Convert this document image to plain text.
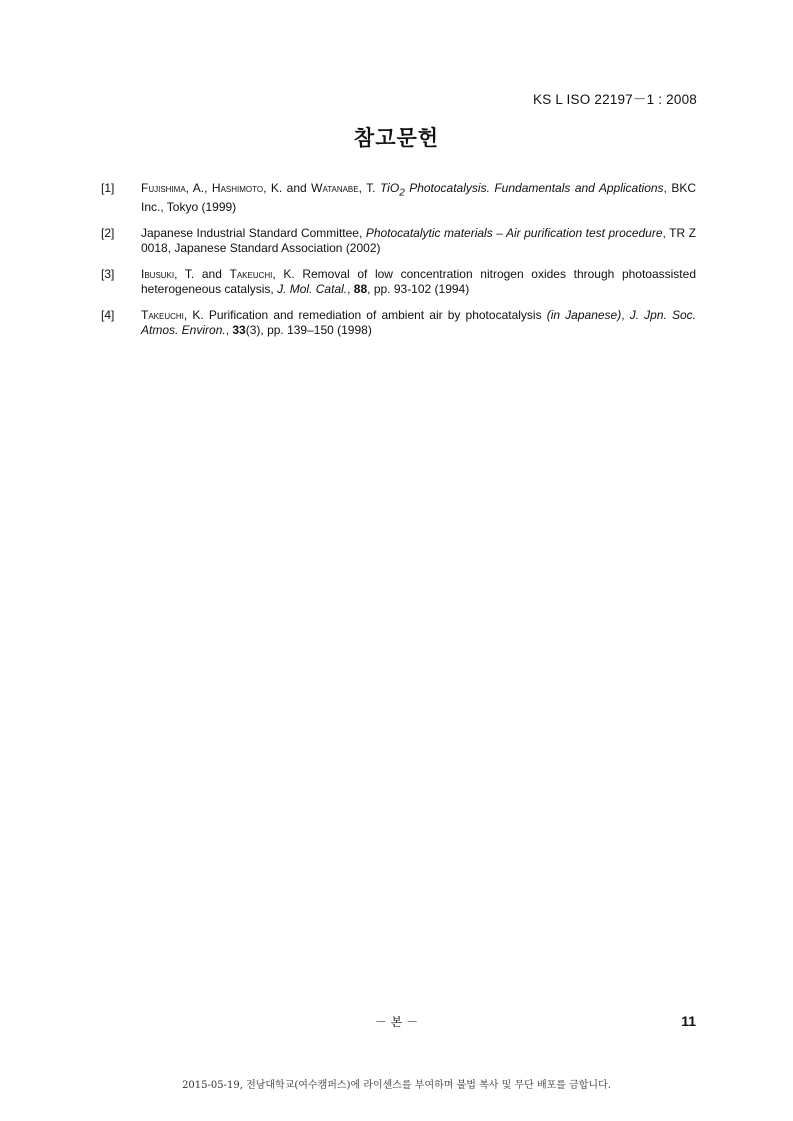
KS L ISO 22197－1 : 2008
참고문헌
[1]	Fujishima, A., Hashimoto, K. and Watanabe, T. TiO$_2$ Photocatalysis. Fundamentals and Applications, BKC Inc., Tokyo (1999)
[2]	Japanese Industrial Standard Committee, Photocatalytic materials – Air purification test procedure, TR Z 0018, Japanese Standard Association (2002)
[3]	Ibusuki, T. and Takeuchi, K. Removal of low concentration nitrogen oxides through photoassisted heterogeneous catalysis, J. Mol. Catal., 88, pp. 93-102 (1994)
[4]	Takeuchi, K. Purification and remediation of ambient air by photocatalysis (in Japanese), J. Jpn. Soc. Atmos. Environ., 33(3), pp. 139–150 (1998)
－ 본 －	11
2015-05-19, 전남대학교(여수캠퍼스)에 라이센스를 부여하며 불법 복사 및 무단 배포를 금합니다.
